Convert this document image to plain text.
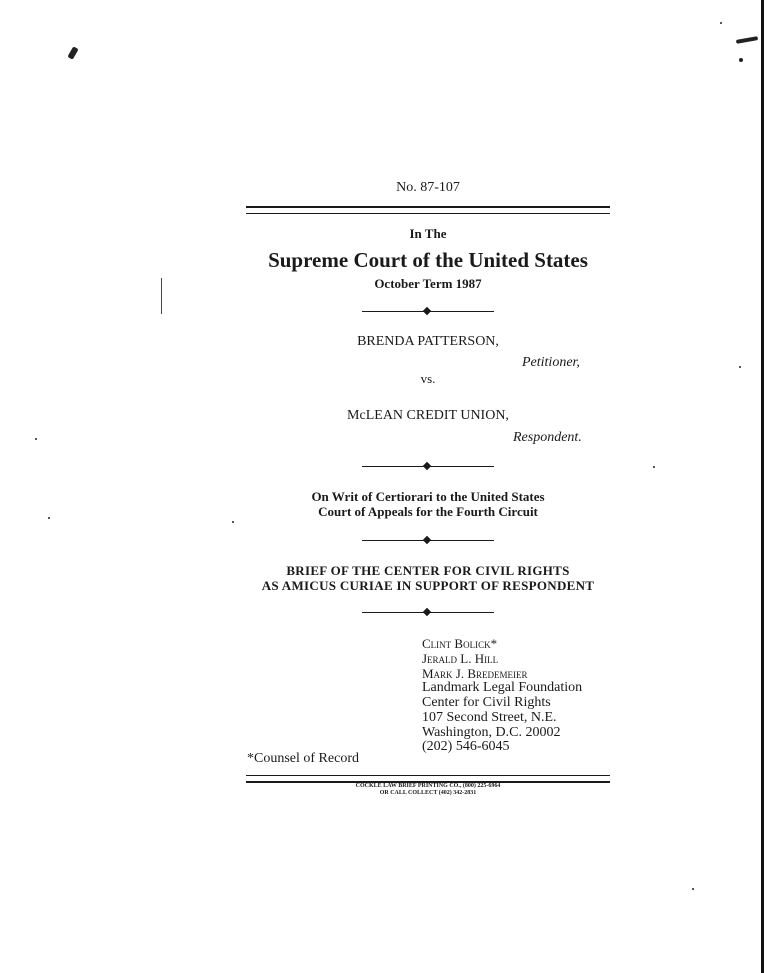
No. 87-107
In The
Supreme Court of the United States
October Term 1987
BRENDA PATTERSON,
Petitioner,
vs.
McLEAN CREDIT UNION,
Respondent.
On Writ of Certiorari to the United States
Court of Appeals for the Fourth Circuit
BRIEF OF THE CENTER FOR CIVIL RIGHTS
AS AMICUS CURIAE IN SUPPORT OF RESPONDENT
Clint Bolick*
Jerald L. Hill
Mark J. Bredemeier
Landmark Legal Foundation
Center for Civil Rights
107 Second Street, N.E.
Washington, D.C. 20002
(202) 546-6045
*Counsel of Record
COCKLE LAW BRIEF PRINTING CO., (800) 225-6964
OR CALL COLLECT (402) 342-2831
